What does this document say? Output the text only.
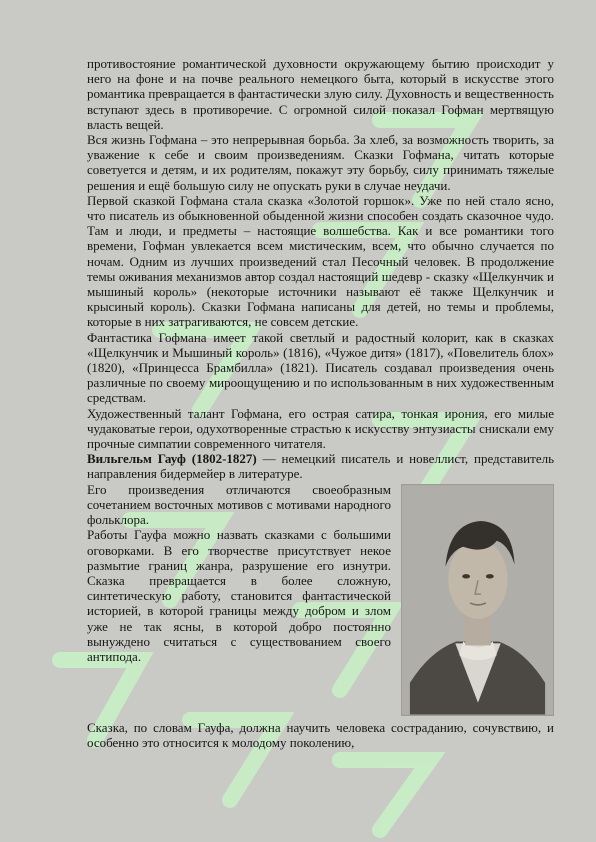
противостояние романтической духовности окружающему бытию происходит у него на фоне и на почве реального немецкого быта, который в искусстве этого романтика превращается в фантастически злую силу. Духовность и вещественность вступают здесь в противоречие. С огромной силой показал Гофман мертвящую власть вещей.

Вся жизнь Гофмана – это непрерывная борьба. За хлеб, за возможность творить, за уважение к себе и своим произведениям. Сказки Гофмана, читать которые советуется и детям, и их родителям, покажут эту борьбу, силу принимать тяжелые решения и ещё большую силу не опускать руки в случае неудачи.

Первой сказкой Гофмана стала сказка «Золотой горшок». Уже по ней стало ясно, что писатель из обыкновенной обыденной жизни способен создать сказочное чудо. Там и люди, и предметы – настоящие волшебства. Как и все романтики того времени, Гофман увлекается всем мистическим, всем, что обычно случается по ночам. Одним из лучших произведений стал Песочный человек. В продолжение темы оживания механизмов автор создал настоящий шедевр - сказку «Щелкунчик и мышиный король» (некоторые источники называют её также Щелкунчик и крысиный король). Сказки Гофмана написаны для детей, но темы и проблемы, которые в них затрагиваются, не совсем детские.

Фантастика Гофмана имеет такой светлый и радостный колорит, как в сказках «Щелкунчик и Мышиный король» (1816), «Чужое дитя» (1817), «Повелитель блох» (1820), «Принцесса Брамбилла» (1821). Писатель создавал произведения очень различные по своему мироощущению и по использованным в них художественным средствам.

Художественный талант Гофмана, его острая сатира, тонкая ирония, его милые чудаковатые герои, одухотворенные страстью к искусству энтузиасты снискали ему прочные симпатии современного читателя.

Вильгельм Гауф (1802-1827) — немецкий писатель и новеллист, представитель направления бидермейер в литературе.

Его произведения отличаются своеобразным сочетанием восточных мотивов с мотивами народного фольклора.

Работы Гауфа можно назвать сказками с большими оговорками. В его творчестве присутствует некое размытие границ жанра, разрушение его изнутри. Сказка превращается в более сложную, синтетическую работу, становится фантастической историей, в которой границы между добром и злом уже не так ясны, в которой добро постоянно вынуждено считаться с существованием своего антипода.

Сказка, по словам Гауфа, должна научить человека состраданию, сочувствию, и особенно это относится к молодому поколению,
